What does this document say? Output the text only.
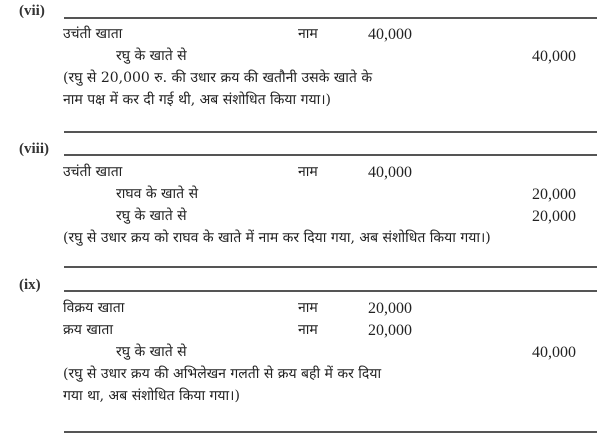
(vii)
उचंती खाता	नाम	40,000
रघु के खाते से	40,000
(रघु से 20,000 रु. की उधार क्रय की खतौनी उसके खाते के
नाम पक्ष में कर दी गई थी, अब संशोधित किया गया।)
(viii)
उचंती खाता	नाम	40,000
राघव के खाते से	20,000
रघु के खाते से	20,000
(रघु से उधार क्रय को राघव के खाते में नाम कर दिया गया, अब संशोधित किया गया।)
(ix)
विक्रय खाता	नाम	20,000
क्रय खाता	नाम	20,000
रघु के खाते से	40,000
(रघु से उधार क्रय की अभिलेखन गलती से क्रय बही में कर दिया
गया था, अब संशोधित किया गया।)
